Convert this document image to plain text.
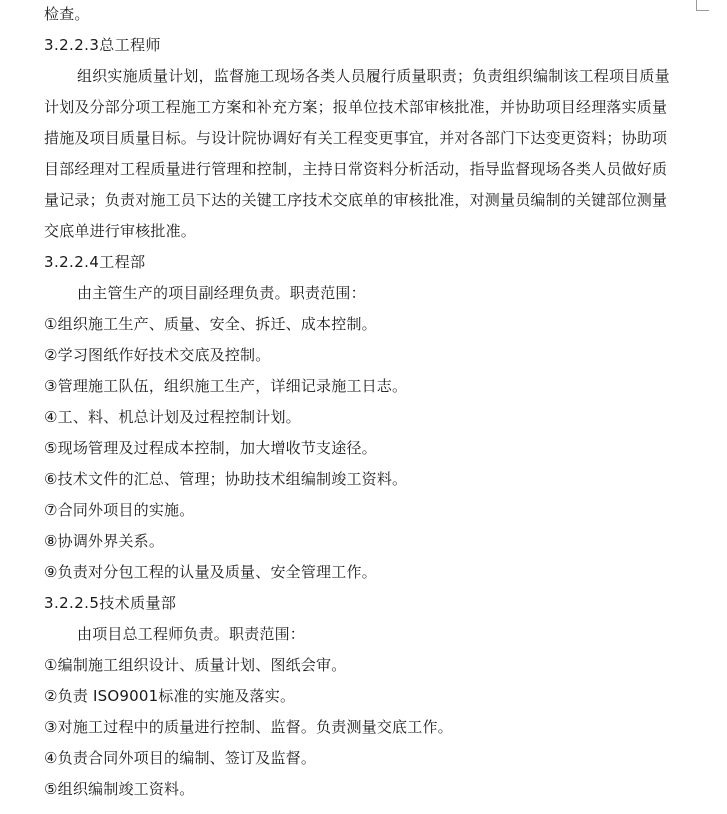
检查。
3.2.2.3总工程师
组织实施质量计划，监督施工现场各类人员履行质量职责；负责组织编制该工程项目质量
计划及分部分项工程施工方案和补充方案；报单位技术部审核批准，并协助项目经理落实质量
措施及项目质量目标。与设计院协调好有关工程变更事宜，并对各部门下达变更资料；协助项
目部经理对工程质量进行管理和控制，主持日常资料分析活动，指导监督现场各类人员做好质
量记录；负责对施工员下达的关键工序技术交底单的审核批准，对测量员编制的关键部位测量
交底单进行审核批准。
3.2.2.4工程部
由主管生产的项目副经理负责。职责范围：
①组织施工生产、质量、安全、拆迁、成本控制。
②学习图纸作好技术交底及控制。
③管理施工队伍，组织施工生产，详细记录施工日志。
④工、料、机总计划及过程控制计划。
⑤现场管理及过程成本控制，加大增收节支途径。
⑥技术文件的汇总、管理；协助技术组编制竣工资料。
⑦合同外项目的实施。
⑧协调外界关系。
⑨负责对分包工程的认量及质量、安全管理工作。
3.2.2.5技术质量部
由项目总工程师负责。职责范围：
①编制施工组织设计、质量计划、图纸会审。
②负责 ISO9001标准的实施及落实。
③对施工过程中的质量进行控制、监督。负责测量交底工作。
④负责合同外项目的编制、签订及监督。
⑤组织编制竣工资料。
